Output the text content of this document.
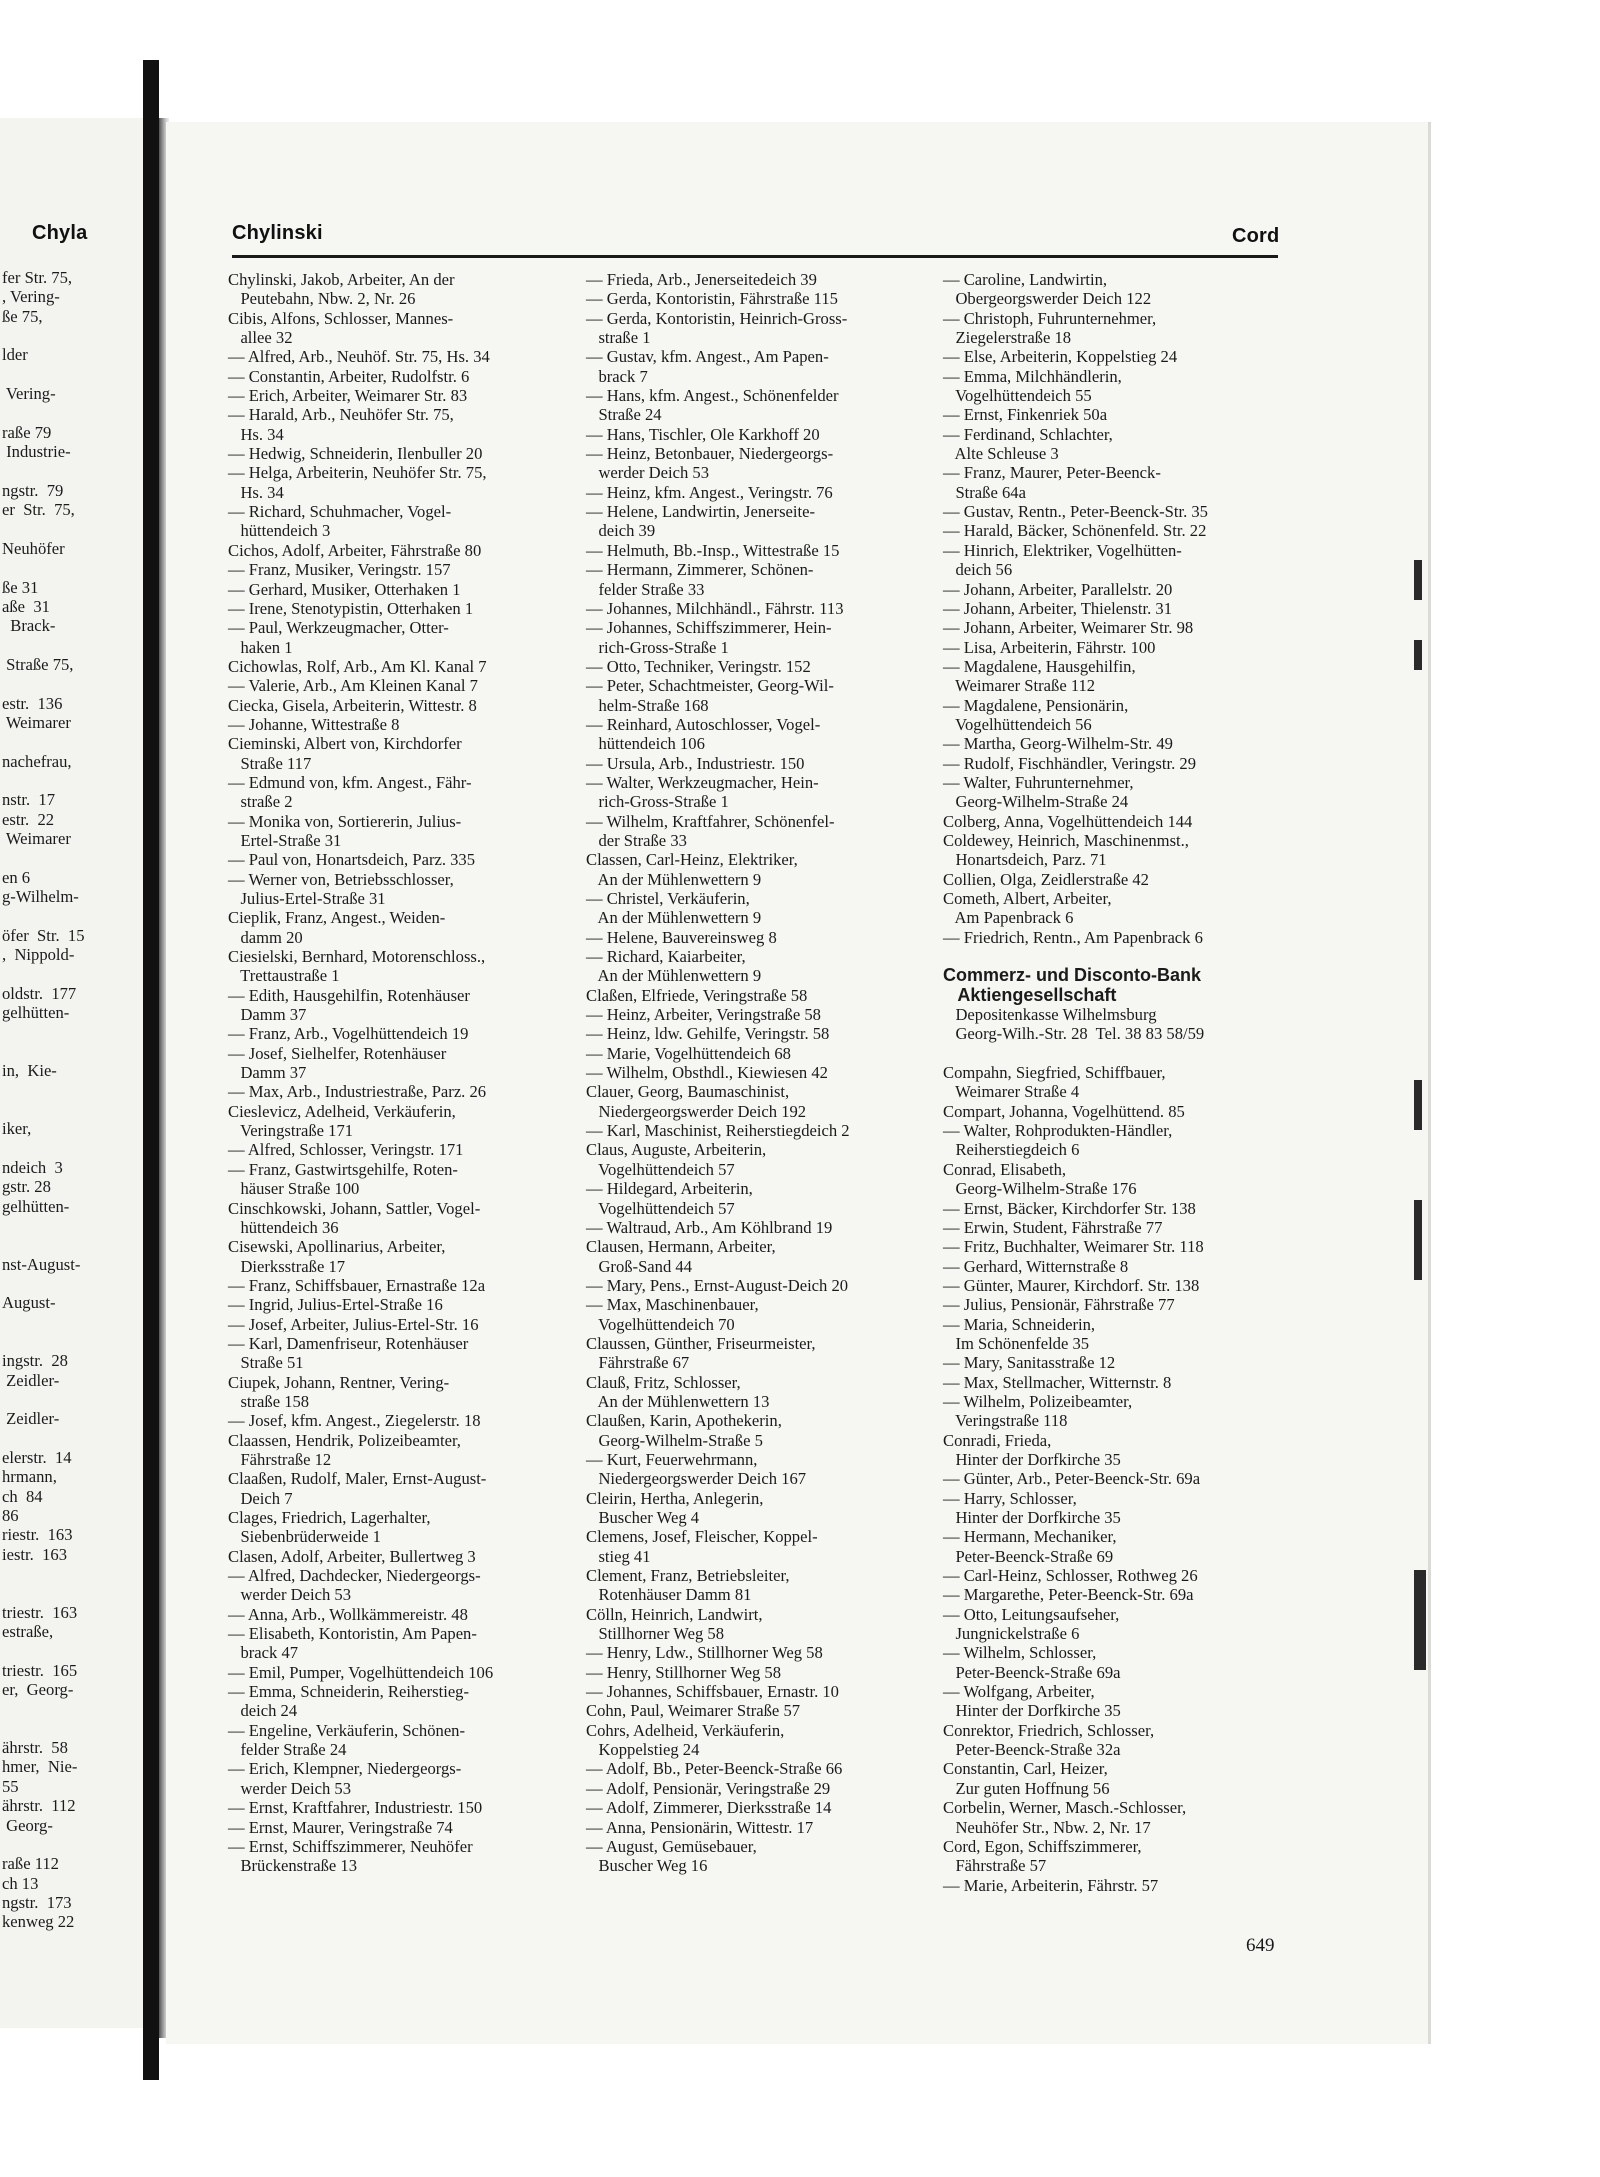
Chyla
fer Str. 75,
, Vering-
ße 75,
lder
Vering-
raße 79
Industrie-
ngstr.  79
er  Str.  75,
Neuhöfer
ße 31
aße  31
Brack-
Straße 75,
estr.  136
Weimarer
nachefrau,
nstr.  17
estr.  22
Weimarer
en 6
g-Wilhelm-
öfer  Str.  15
,  Nippold-
oldstr.  177
gelhütten-
in,  Kie-
iker,
ndeich  3
gstr. 28
gelhütten-
nst-August-
August-
ingstr.  28
Zeidler-
Zeidler-
elerstr.  14
hrmann,
ch  84
86
riestr.  163
iestr.  163
triestr.  163
estraße,
triestr.  165
er,  Georg-
ährstr.  58
hmer,  Nie-
55
ährstr.  112
Georg-
raße 112
ch 13
ngstr.  173
kenweg 22
Chylinski	Cord
Chylinski, Jakob, Arbeiter, An der
Peutebahn, Nbw. 2, Nr. 26
Cibis, Alfons, Schlosser, Mannes-
allee 32
— Alfred, Arb., Neuhöf. Str. 75, Hs. 34
— Constantin, Arbeiter, Rudolfstr. 6
— Erich, Arbeiter, Weimarer Str. 83
— Harald, Arb., Neuhöfer Str. 75,
Hs. 34
— Hedwig, Schneiderin, Ilenbuller 20
— Helga, Arbeiterin, Neuhöfer Str. 75,
Hs. 34
— Richard, Schuhmacher, Vogel-
hüttendeich 3
Cichos, Adolf, Arbeiter, Fährstraße 80
— Franz, Musiker, Veringstr. 157
— Gerhard, Musiker, Otterhaken 1
— Irene, Stenotypistin, Otterhaken 1
— Paul, Werkzeugmacher, Otter-
haken 1
Cichowlas, Rolf, Arb., Am Kl. Kanal 7
— Valerie, Arb., Am Kleinen Kanal 7
Ciecka, Gisela, Arbeiterin, Wittestr. 8
— Johanne, Wittestraße 8
Cieminski, Albert von, Kirchdorfer
Straße 117
— Edmund von, kfm. Angest., Fähr-
straße 2
— Monika von, Sortiererin, Julius-
Ertel-Straße 31
— Paul von, Honartsdeich, Parz. 335
— Werner von, Betriebsschlosser,
Julius-Ertel-Straße 31
Cieplik, Franz, Angest., Weiden-
damm 20
Ciesielski, Bernhard, Motorenschloss.,
Trettaustraße 1
— Edith, Hausgehilfin, Rotenhäuser
Damm 37
— Franz, Arb., Vogelhüttendeich 19
— Josef, Sielhelfer, Rotenhäuser
Damm 37
— Max, Arb., Industriestraße, Parz. 26
Cieslevicz, Adelheid, Verkäuferin,
Veringstraße 171
— Alfred, Schlosser, Veringstr. 171
— Franz, Gastwirtsgehilfe, Roten-
häuser Straße 100
Cinschkowski, Johann, Sattler, Vogel-
hüttendeich 36
Cisewski, Apollinarius, Arbeiter,
Dierksstraße 17
— Franz, Schiffsbauer, Ernastraße 12a
— Ingrid, Julius-Ertel-Straße 16
— Josef, Arbeiter, Julius-Ertel-Str. 16
— Karl, Damenfriseur, Rotenhäuser
Straße 51
Ciupek, Johann, Rentner, Vering-
straße 158
— Josef, kfm. Angest., Ziegelerstr. 18
Claassen, Hendrik, Polizeibeamter,
Fährstraße 12
Claaßen, Rudolf, Maler, Ernst-August-
Deich 7
Clages, Friedrich, Lagerhalter,
Siebenbrüderweide 1
Clasen, Adolf, Arbeiter, Bullertweg 3
— Alfred, Dachdecker, Niedergeorgs-
werder Deich 53
— Anna, Arb., Wollkämmereistr. 48
— Elisabeth, Kontoristin, Am Papen-
brack 47
— Emil, Pumper, Vogelhüttendeich 106
— Emma, Schneiderin, Reiherstieg-
deich 24
— Engeline, Verkäuferin, Schönen-
felder Straße 24
— Erich, Klempner, Niedergeorgs-
werder Deich 53
— Ernst, Kraftfahrer, Industriestr. 150
— Ernst, Maurer, Veringstraße 74
— Ernst, Schiffszimmerer, Neuhöfer
Brückenstraße 13
— Frieda, Arb., Jenerseitedeich 39
— Gerda, Kontoristin, Fährstraße 115
— Gerda, Kontoristin, Heinrich-Gross-
straße 1
— Gustav, kfm. Angest., Am Papen-
brack 7
— Hans, kfm. Angest., Schönenfelder
Straße 24
— Hans, Tischler, Ole Karkhoff 20
— Heinz, Betonbauer, Niedergeorgs-
werder Deich 53
— Heinz, kfm. Angest., Veringstr. 76
— Helene, Landwirtin, Jenerseite-
deich 39
— Helmuth, Bb.-Insp., Wittestraße 15
— Hermann, Zimmerer, Schönen-
felder Straße 33
— Johannes, Milchhändl., Fährstr. 113
— Johannes, Schiffszimmerer, Hein-
rich-Gross-Straße 1
— Otto, Techniker, Veringstr. 152
— Peter, Schachtmeister, Georg-Wil-
helm-Straße 168
— Reinhard, Autoschlosser, Vogel-
hüttendeich 106
— Ursula, Arb., Industriestr. 150
— Walter, Werkzeugmacher, Hein-
rich-Gross-Straße 1
— Wilhelm, Kraftfahrer, Schönenfel-
der Straße 33
Classen, Carl-Heinz, Elektriker,
An der Mühlenwettern 9
— Christel, Verkäuferin,
An der Mühlenwettern 9
— Helene, Bauvereinsweg 8
— Richard, Kaiarbeiter,
An der Mühlenwettern 9
Claßen, Elfriede, Veringstraße 58
— Heinz, Arbeiter, Veringstraße 58
— Heinz, ldw. Gehilfe, Veringstr. 58
— Marie, Vogelhüttendeich 68
— Wilhelm, Obsthdl., Kiewiesen 42
Clauer, Georg, Baumaschinist,
Niedergeorgswerder Deich 192
— Karl, Maschinist, Reiherstiegdeich 2
Claus, Auguste, Arbeiterin,
Vogelhüttendeich 57
— Hildegard, Arbeiterin,
Vogelhüttendeich 57
— Waltraud, Arb., Am Köhlbrand 19
Clausen, Hermann, Arbeiter,
Groß-Sand 44
— Mary, Pens., Ernst-August-Deich 20
— Max, Maschinenbauer,
Vogelhüttendeich 70
Claussen, Günther, Friseurmeister,
Fährstraße 67
Clauß, Fritz, Schlosser,
An der Mühlenwettern 13
Claußen, Karin, Apothekerin,
Georg-Wilhelm-Straße 5
— Kurt, Feuerwehrmann,
Niedergeorgswerder Deich 167
Cleirin, Hertha, Anlegerin,
Buscher Weg 4
Clemens, Josef, Fleischer, Koppel-
stieg 41
Clement, Franz, Betriebsleiter,
Rotenhäuser Damm 81
Cölln, Heinrich, Landwirt,
Stillhorner Weg 58
— Henry, Ldw., Stillhorner Weg 58
— Henry, Stillhorner Weg 58
— Johannes, Schiffsbauer, Ernastr. 10
Cohn, Paul, Weimarer Straße 57
Cohrs, Adelheid, Verkäuferin,
Koppelstieg 24
— Adolf, Bb., Peter-Beenck-Straße 66
— Adolf, Pensionär, Veringstraße 29
— Adolf, Zimmerer, Dierksstraße 14
— Anna, Pensionärin, Wittestr. 17
— August, Gemüsebauer,
Buscher Weg 16
— Caroline, Landwirtin,
Obergeorgswerder Deich 122
— Christoph, Fuhrunternehmer,
Ziegelerstraße 18
— Else, Arbeiterin, Koppelstieg 24
— Emma, Milchhändlerin,
Vogelhüttendeich 55
— Ernst, Finkenriek 50a
— Ferdinand, Schlachter,
Alte Schleuse 3
— Franz, Maurer, Peter-Beenck-
Straße 64a
— Gustav, Rentn., Peter-Beenck-Str. 35
— Harald, Bäcker, Schönenfeld. Str. 22
— Hinrich, Elektriker, Vogelhütten-
deich 56
— Johann, Arbeiter, Parallelstr. 20
— Johann, Arbeiter, Thielenstr. 31
— Johann, Arbeiter, Weimarer Str. 98
— Lisa, Arbeiterin, Fährstr. 100
— Magdalene, Hausgehilfin,
Weimarer Straße 112
— Magdalene, Pensionärin,
Vogelhüttendeich 56
— Martha, Georg-Wilhelm-Str. 49
— Rudolf, Fischhändler, Veringstr. 29
— Walter, Fuhrunternehmer,
Georg-Wilhelm-Straße 24
Colberg, Anna, Vogelhüttendeich 144
Coldewey, Heinrich, Maschinenmst.,
Honartsdeich, Parz. 71
Collien, Olga, Zeidlerstraße 42
Cometh, Albert, Arbeiter,
Am Papenbrack 6
— Friedrich, Rentn., Am Papenbrack 6
Commerz- und Disconto-Bank
Aktiengesellschaft
Depositenkasse Wilhelmsburg
Georg-Wilh.-Str. 28  Tel. 38 83 58/59
Compahn, Siegfried, Schiffbauer,
Weimarer Straße 4
Compart, Johanna, Vogelhüttend. 85
— Walter, Rohprodukten-Händler,
Reiherstiegdeich 6
Conrad, Elisabeth,
Georg-Wilhelm-Straße 176
— Ernst, Bäcker, Kirchdorfer Str. 138
— Erwin, Student, Fährstraße 77
— Fritz, Buchhalter, Weimarer Str. 118
— Gerhard, Witternstraße 8
— Günter, Maurer, Kirchdorf. Str. 138
— Julius, Pensionär, Fährstraße 77
— Maria, Schneiderin,
Im Schönenfelde 35
— Mary, Sanitasstraße 12
— Max, Stellmacher, Witternstr. 8
— Wilhelm, Polizeibeamter,
Veringstraße 118
Conradi, Frieda,
Hinter der Dorfkirche 35
— Günter, Arb., Peter-Beenck-Str. 69a
— Harry, Schlosser,
Hinter der Dorfkirche 35
— Hermann, Mechaniker,
Peter-Beenck-Straße 69
— Carl-Heinz, Schlosser, Rothweg 26
— Margarethe, Peter-Beenck-Str. 69a
— Otto, Leitungsaufseher,
Jungnickelstraße 6
— Wilhelm, Schlosser,
Peter-Beenck-Straße 69a
— Wolfgang, Arbeiter,
Hinter der Dorfkirche 35
Conrektor, Friedrich, Schlosser,
Peter-Beenck-Straße 32a
Constantin, Carl, Heizer,
Zur guten Hoffnung 56
Corbelin, Werner, Masch.-Schlosser,
Neuhöfer Str., Nbw. 2, Nr. 17
Cord, Egon, Schiffszimmerer,
Fährstraße 57
— Marie, Arbeiterin, Fährstr. 57
649
